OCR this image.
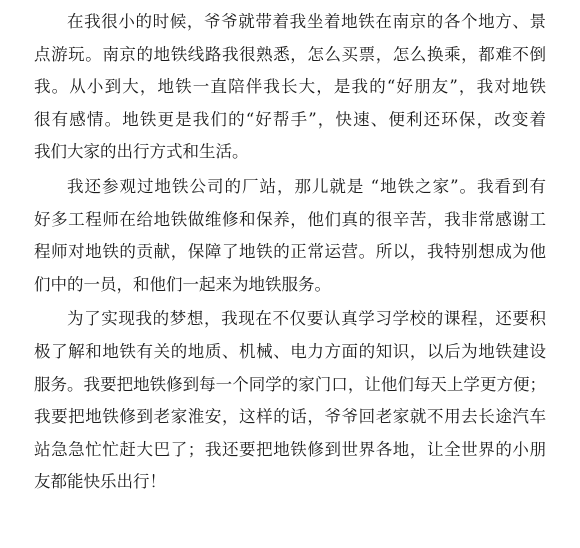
在我很小的时候，爷爷就带着我坐着地铁在南京的各个地方、景
点游玩。南京的地铁线路我很熟悉，怎么买票，怎么换乘，都难不倒
我。从小到大，地铁一直陪伴我长大，是我的“好朋友”，我对地铁
很有感情。地铁更是我们的“好帮手”，快速、便利还环保，改变着
我们大家的出行方式和生活。
我还参观过地铁公司的厂站，那儿就是 “地铁之家”。我看到有
好多工程师在给地铁做维修和保养，他们真的很辛苦，我非常感谢工
程师对地铁的贡献，保障了地铁的正常运营。所以，我特别想成为他
们中的一员，和他们一起来为地铁服务。
为了实现我的梦想，我现在不仅要认真学习学校的课程，还要积
极了解和地铁有关的地质、机械、电力方面的知识，以后为地铁建设
服务。我要把地铁修到每一个同学的家门口，让他们每天上学更方便；
我要把地铁修到老家淮安，这样的话，爷爷回老家就不用去长途汽车
站急急忙忙赶大巴了；我还要把地铁修到世界各地，让全世界的小朋
友都能快乐出行！
